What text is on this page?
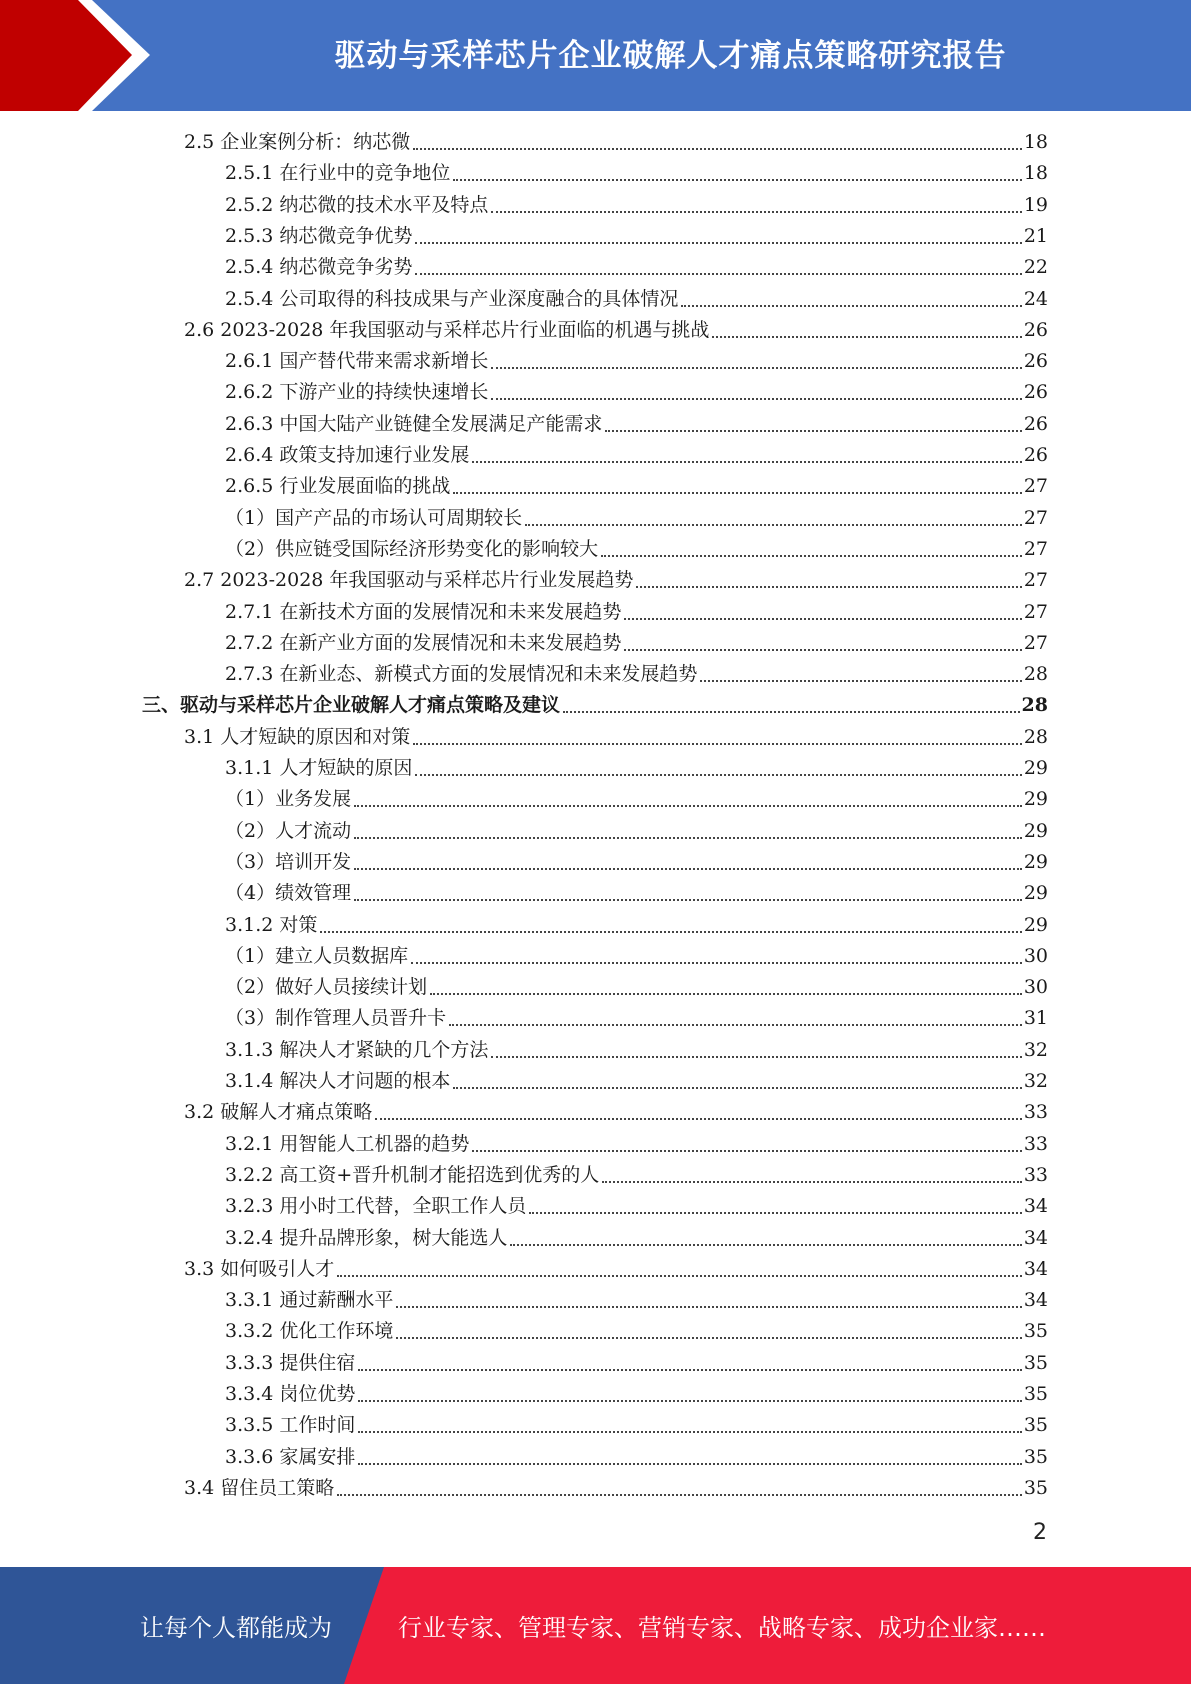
驱动与采样芯片企业破解人才痛点策略研究报告
2.5 企业案例分析：纳芯微	18
2.5.1 在行业中的竞争地位	18
2.5.2 纳芯微的技术水平及特点	19
2.5.3 纳芯微竞争优势	21
2.5.4 纳芯微竞争劣势	22
2.5.4 公司取得的科技成果与产业深度融合的具体情况	24
2.6 2023-2028 年我国驱动与采样芯片行业面临的机遇与挑战	26
2.6.1 国产替代带来需求新增长	26
2.6.2 下游产业的持续快速增长	26
2.6.3 中国大陆产业链健全发展满足产能需求	26
2.6.4 政策支持加速行业发展	26
2.6.5 行业发展面临的挑战	27
（1）国产产品的市场认可周期较长	27
（2）供应链受国际经济形势变化的影响较大	27
2.7 2023-2028 年我国驱动与采样芯片行业发展趋势	27
2.7.1 在新技术方面的发展情况和未来发展趋势	27
2.7.2 在新产业方面的发展情况和未来发展趋势	27
2.7.3 在新业态、新模式方面的发展情况和未来发展趋势	28
三、驱动与采样芯片企业破解人才痛点策略及建议	28
3.1 人才短缺的原因和对策	28
3.1.1 人才短缺的原因	29
（1）业务发展	29
（2）人才流动	29
（3）培训开发	29
（4）绩效管理	29
3.1.2 对策	29
（1）建立人员数据库	30
（2）做好人员接续计划	30
（3）制作管理人员晋升卡	31
3.1.3 解决人才紧缺的几个方法	32
3.1.4 解决人才问题的根本	32
3.2 破解人才痛点策略	33
3.2.1 用智能人工机器的趋势	33
3.2.2 高工资+晋升机制才能招选到优秀的人	33
3.2.3 用小时工代替，全职工作人员	34
3.2.4 提升品牌形象，树大能选人	34
3.3 如何吸引人才	34
3.3.1 通过薪酬水平	34
3.3.2 优化工作环境	35
3.3.3 提供住宿	35
3.3.4 岗位优势	35
3.3.5 工作时间	35
3.3.6 家属安排	35
3.4 留住员工策略	35
2
让每个人都能成为	行业专家、管理专家、营销专家、战略专家、成功企业家……
